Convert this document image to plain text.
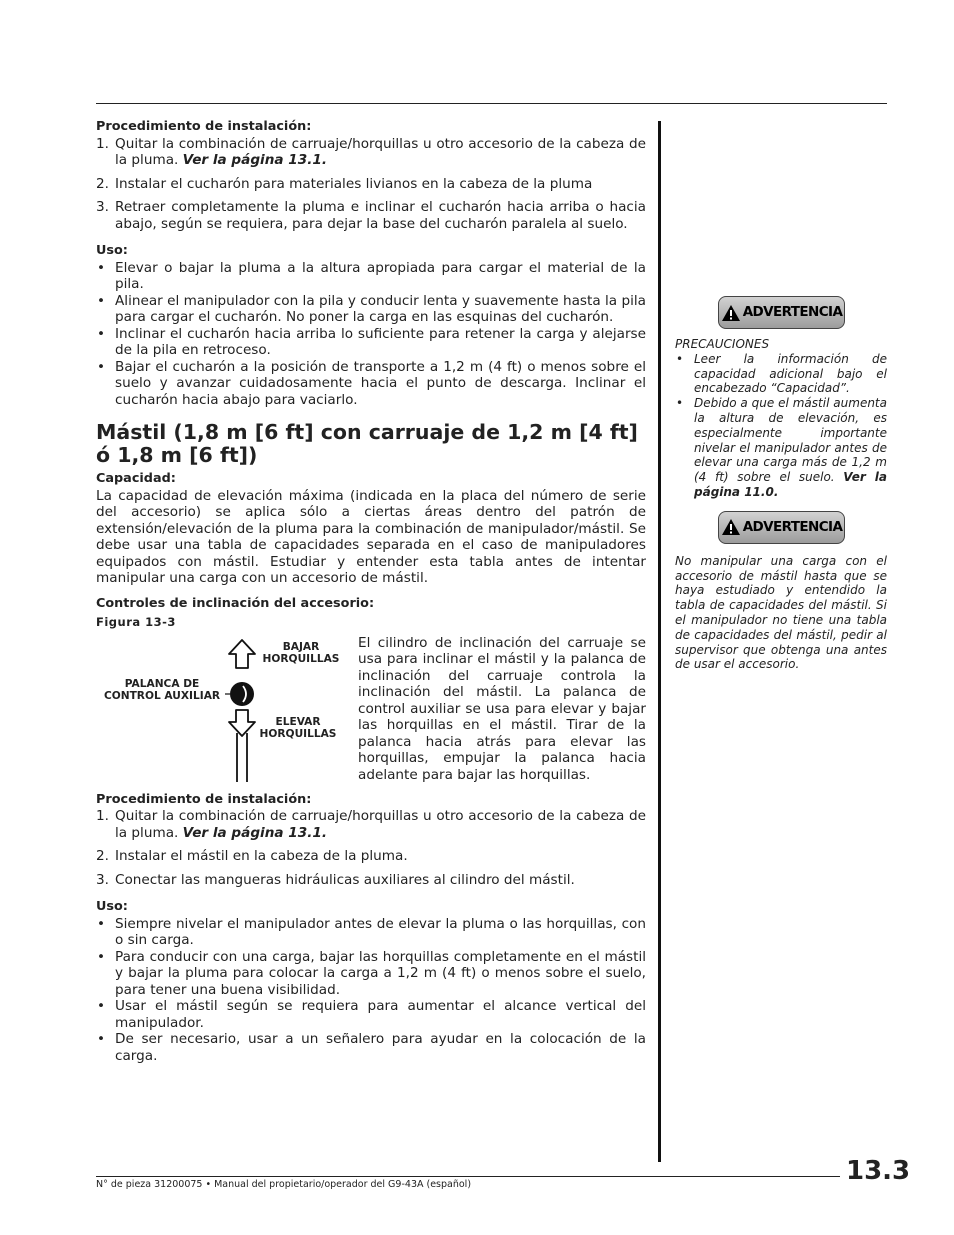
Procedimiento de instalación:

1. Quitar la combinación de carruaje/horquillas u otro accesorio de la cabeza de la pluma. Ver la página 13.1.
2. Instalar el cucharón para materiales livianos en la cabeza de la pluma
3. Retraer completamente la pluma e inclinar el cucharón hacia arriba o hacia abajo, según se requiera, para dejar la base del cucharón paralela al suelo.

Uso:

• Elevar o bajar la pluma a la altura apropiada para cargar el material de la pila.
• Alinear el manipulador con la pila y conducir lenta y suavemente hasta la pila para cargar el cucharón. No poner la carga en las esquinas del cucharón.
• Inclinar el cucharón hacia arriba lo suficiente para retener la carga y alejarse de la pila en retroceso.
• Bajar el cucharón a la posición de transporte a 1,2 m (4 ft) o menos sobre el suelo y avanzar cuidadosamente hacia el punto de descarga. Inclinar el cucharón hacia abajo para vaciarlo.
Mástil (1,8 m [6 ft] con carruaje de 1,2 m [4 ft] ó 1,8 m [6 ft])

Capacidad:

La capacidad de elevación máxima (indicada en la placa del número de serie del accesorio) se aplica sólo a ciertas áreas dentro del patrón de extensión/elevación de la pluma para la combinación de manipulador/mástil. Se debe usar una tabla de capacidades separada en el caso de manipuladores equipados con mástil. Estudiar y entender esta tabla antes de intentar manipular una carga con un accesorio de mástil.

Controles de inclinación del accesorio:

Figura 13-3

BAJAR
HORQUILLAS
PALANCA DE
CONTROL AUXILIAR
ELEVAR
HORQUILLAS
El cilindro de inclinación del carruaje se usa para inclinar el mástil y la palanca de inclinación del carruaje controla la inclinación del mástil. La palanca de control auxiliar se usa para elevar y bajar las horquillas en el mástil. Tirar de la palanca hacia atrás para elevar las horquillas, empujar la palanca hacia adelante para bajar las horquillas.

Procedimiento de instalación:

1. Quitar la combinación de carruaje/horquillas u otro accesorio de la cabeza de la pluma. Ver la página 13.1.
2. Instalar el mástil en la cabeza de la pluma.
3. Conectar las mangueras hidráulicas auxiliares al cilindro del mástil.

Uso:

• Siempre nivelar el manipulador antes de elevar la pluma o las horquillas, con o sin carga.
• Para conducir con una carga, bajar las horquillas completamente en el mástil y bajar la pluma para colocar la carga a 1,2 m (4 ft) o menos sobre el suelo, para tener una buena visibilidad.
• Usar el mástil según se requiera para aumentar el alcance vertical del manipulador.
• De ser necesario, usar a un señalero para ayudar en la colocación de la carga.
ADVERTENCIA

PRECAUCIONES

• Leer la información de capacidad adicional bajo el encabezado “Capacidad”.
• Debido a que el mástil aumenta la altura de elevación, es especialmente importante nivelar el manipulador antes de elevar una carga más de 1,2 m (4 ft) sobre el suelo. Ver la página 11.0.
ADVERTENCIA

No manipular una carga con el accesorio de mástil hasta que se haya estudiado y entendido la tabla de capacidades del mástil. Si el manipulador no tiene una tabla de capacidades del mástil, pedir al supervisor que obtenga una antes de usar el accesorio.

N° de pieza 31200075 • Manual del propietario/operador del G9-43A (español)	13.3
